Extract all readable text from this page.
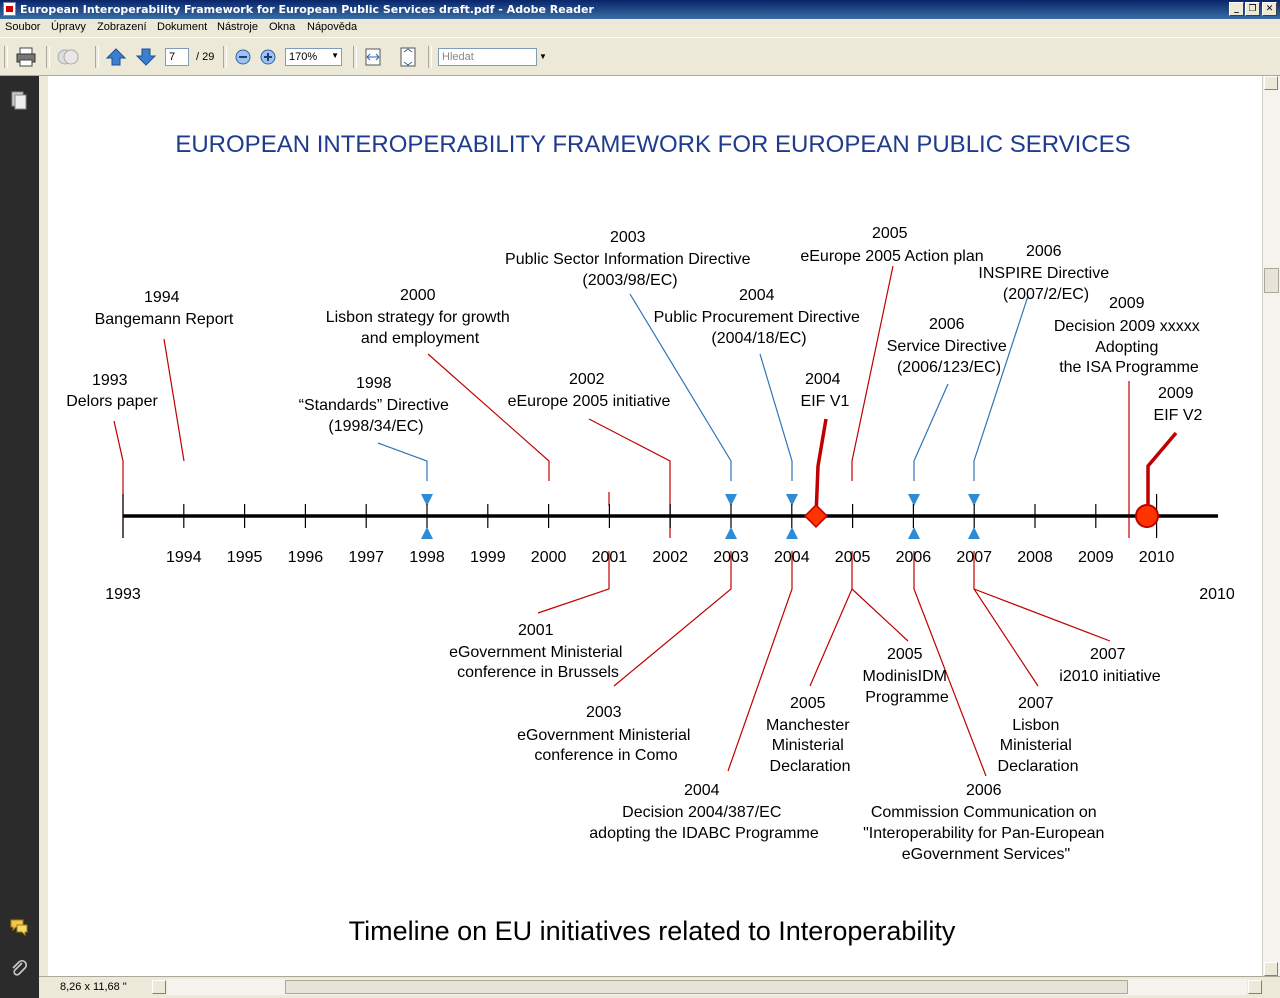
European Interoperability Framework for European Public Services draft.pdf - Adobe Reader	_	❐	✕
Soubor Úpravy Zobrazení Dokument Nástroje Okna Nápověda
7	/ 29	170% ▼	Hledat	▼
EUROPEAN INTEROPERABILITY FRAMEWORK FOR EUROPEAN PUBLIC SERVICES
1994 1995 1996 1997 1998 1999 2000 2001 2002 2003 2004 2005 2006 2007 2008 2009 2010
1993	2010
1993 Delors paper
1994 Bangemann Report
1998 “Standards” Directive (1998/34/EC)
2000 Lisbon strategy for growth and employment
2002 eEurope 2005 initiative
2003 Public Sector Information Directive (2003/98/EC)
2004 Public Procurement Directive (2004/18/EC)
2004 EIF V1
2005 eEurope 2005 Action plan
2006 Service Directive (2006/123/EC)
2006 INSPIRE Directive (2007/2/EC)
2009 Decision 2009 xxxxx Adopting the ISA Programme
2009 EIF V2
2001 eGovernment Ministerial conference in Brussels
2003 eGovernment Ministerial conference in Como
2004 Decision 2004/387/EC adopting the IDABC Programme
2005 Manchester Ministerial Declaration
2005 ModinisIDM Programme
2006 Commission Communication on "Interoperability for Pan-European eGovernment Services"
2007 Lisbon Ministerial Declaration
2007 i2010 initiative
Timeline on EU initiatives related to Interoperability
8,26 x 11,68 "
